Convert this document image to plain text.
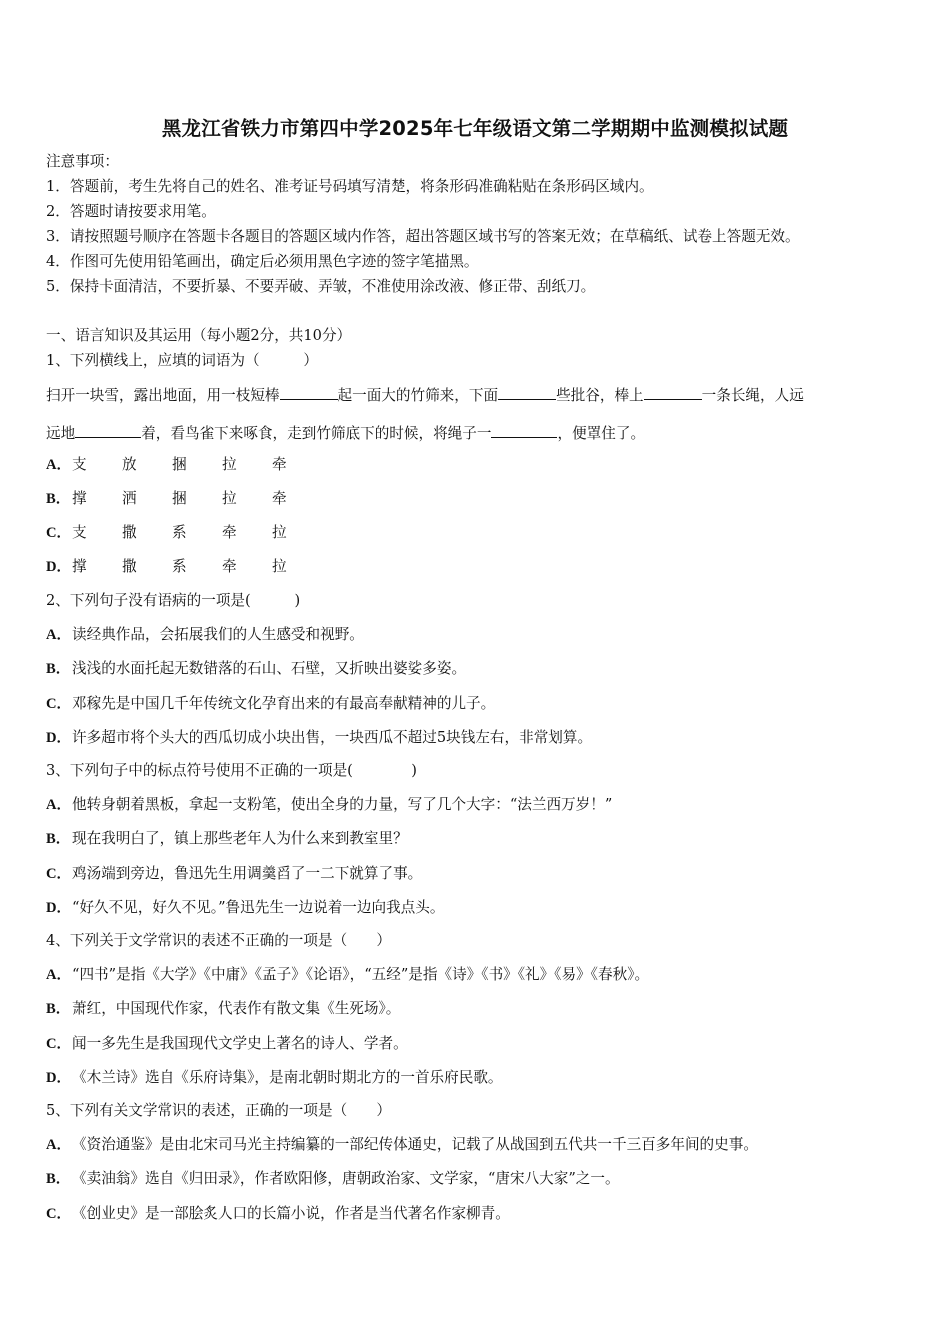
黑龙江省铁力市第四中学2025年七年级语文第二学期期中监测模拟试题
注意事项：
1．答题前，考生先将自己的姓名、准考证号码填写清楚，将条形码准确粘贴在条形码区域内。
2．答题时请按要求用笔。
3．请按照题号顺序在答题卡各题目的答题区域内作答，超出答题区域书写的答案无效；在草稿纸、试卷上答题无效。
4．作图可先使用铅笔画出，确定后必须用黑色字迹的签字笔描黑。
5．保持卡面清洁，不要折暴、不要弄破、弄皱，不准使用涂改液、修正带、刮纸刀。
一、语言知识及其运用（每小题2分，共10分）
1、下列横线上，应填的词语为（　　　）
扫开一块雪，露出地面，用一枝短棒	起一面大的竹筛来，下面	些批谷，棒上	一条长绳，人远
远地	着，看鸟雀下来啄食，走到竹筛底下的时候，将绳子一	，便罩住了。
A．支 放 捆 拉 牵
B． 撑 洒 捆 拉 牵
C．支 撒 系 牵 拉
D．撑 撒 系 牵 拉
2、下列句子没有语病的一项是(　　　)
A．读经典作品，会拓展我们的人生感受和视野。
B． 浅浅的水面托起无数错落的石山、石壁，又折映出婆娑多姿。
C．邓稼先是中国几千年传统文化孕育出来的有最高奉献精神的儿子。
D．许多超市将个头大的西瓜切成小块出售，一块西瓜不超过5块钱左右，非常划算。
3、下列句子中的标点符号使用不正确的一项是(　　　　)
A．他转身朝着黑板，拿起一支粉笔，使出全身的力量，写了几个大字：“法兰西万岁！”
B． 现在我明白了，镇上那些老年人为什么来到教室里？
C．鸡汤端到旁边，鲁迅先生用调羹舀了一二下就算了事。
D．“好久不见，好久不见。”鲁迅先生一边说着一边向我点头。
4、下列关于文学常识的表述不正确的一项是（　　）
A．“四书”是指《大学》《中庸》《孟子》《论语》，“五经”是指《诗》《书》《礼》《易》《春秋》。
B． 萧红，中国现代作家，代表作有散文集《生死场》。
C．闻一多先生是我国现代文学史上著名的诗人、学者。
D．《木兰诗》选自《乐府诗集》，是南北朝时期北方的一首乐府民歌。
5、下列有关文学常识的表述，正确的一项是（　　）
A．《资治通鉴》是由北宋司马光主持编纂的一部纪传体通史，记载了从战国到五代共一千三百多年间的史事。
B． 《卖油翁》选自《归田录》，作者欧阳修，唐朝政治家、文学家，“唐宋八大家”之一。
C．《创业史》是一部脍炙人口的长篇小说，作者是当代著名作家柳青。
